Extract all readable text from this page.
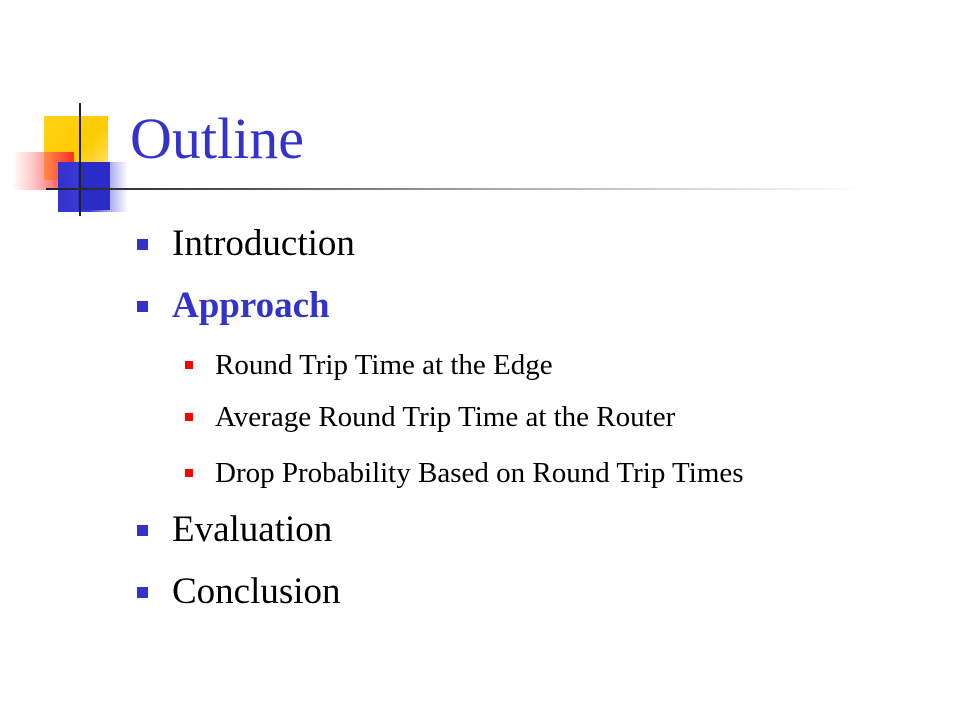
Outline
Introduction
Approach
Round Trip Time at the Edge
Average Round Trip Time at the Router
Drop Probability Based on Round Trip Times
Evaluation
Conclusion
